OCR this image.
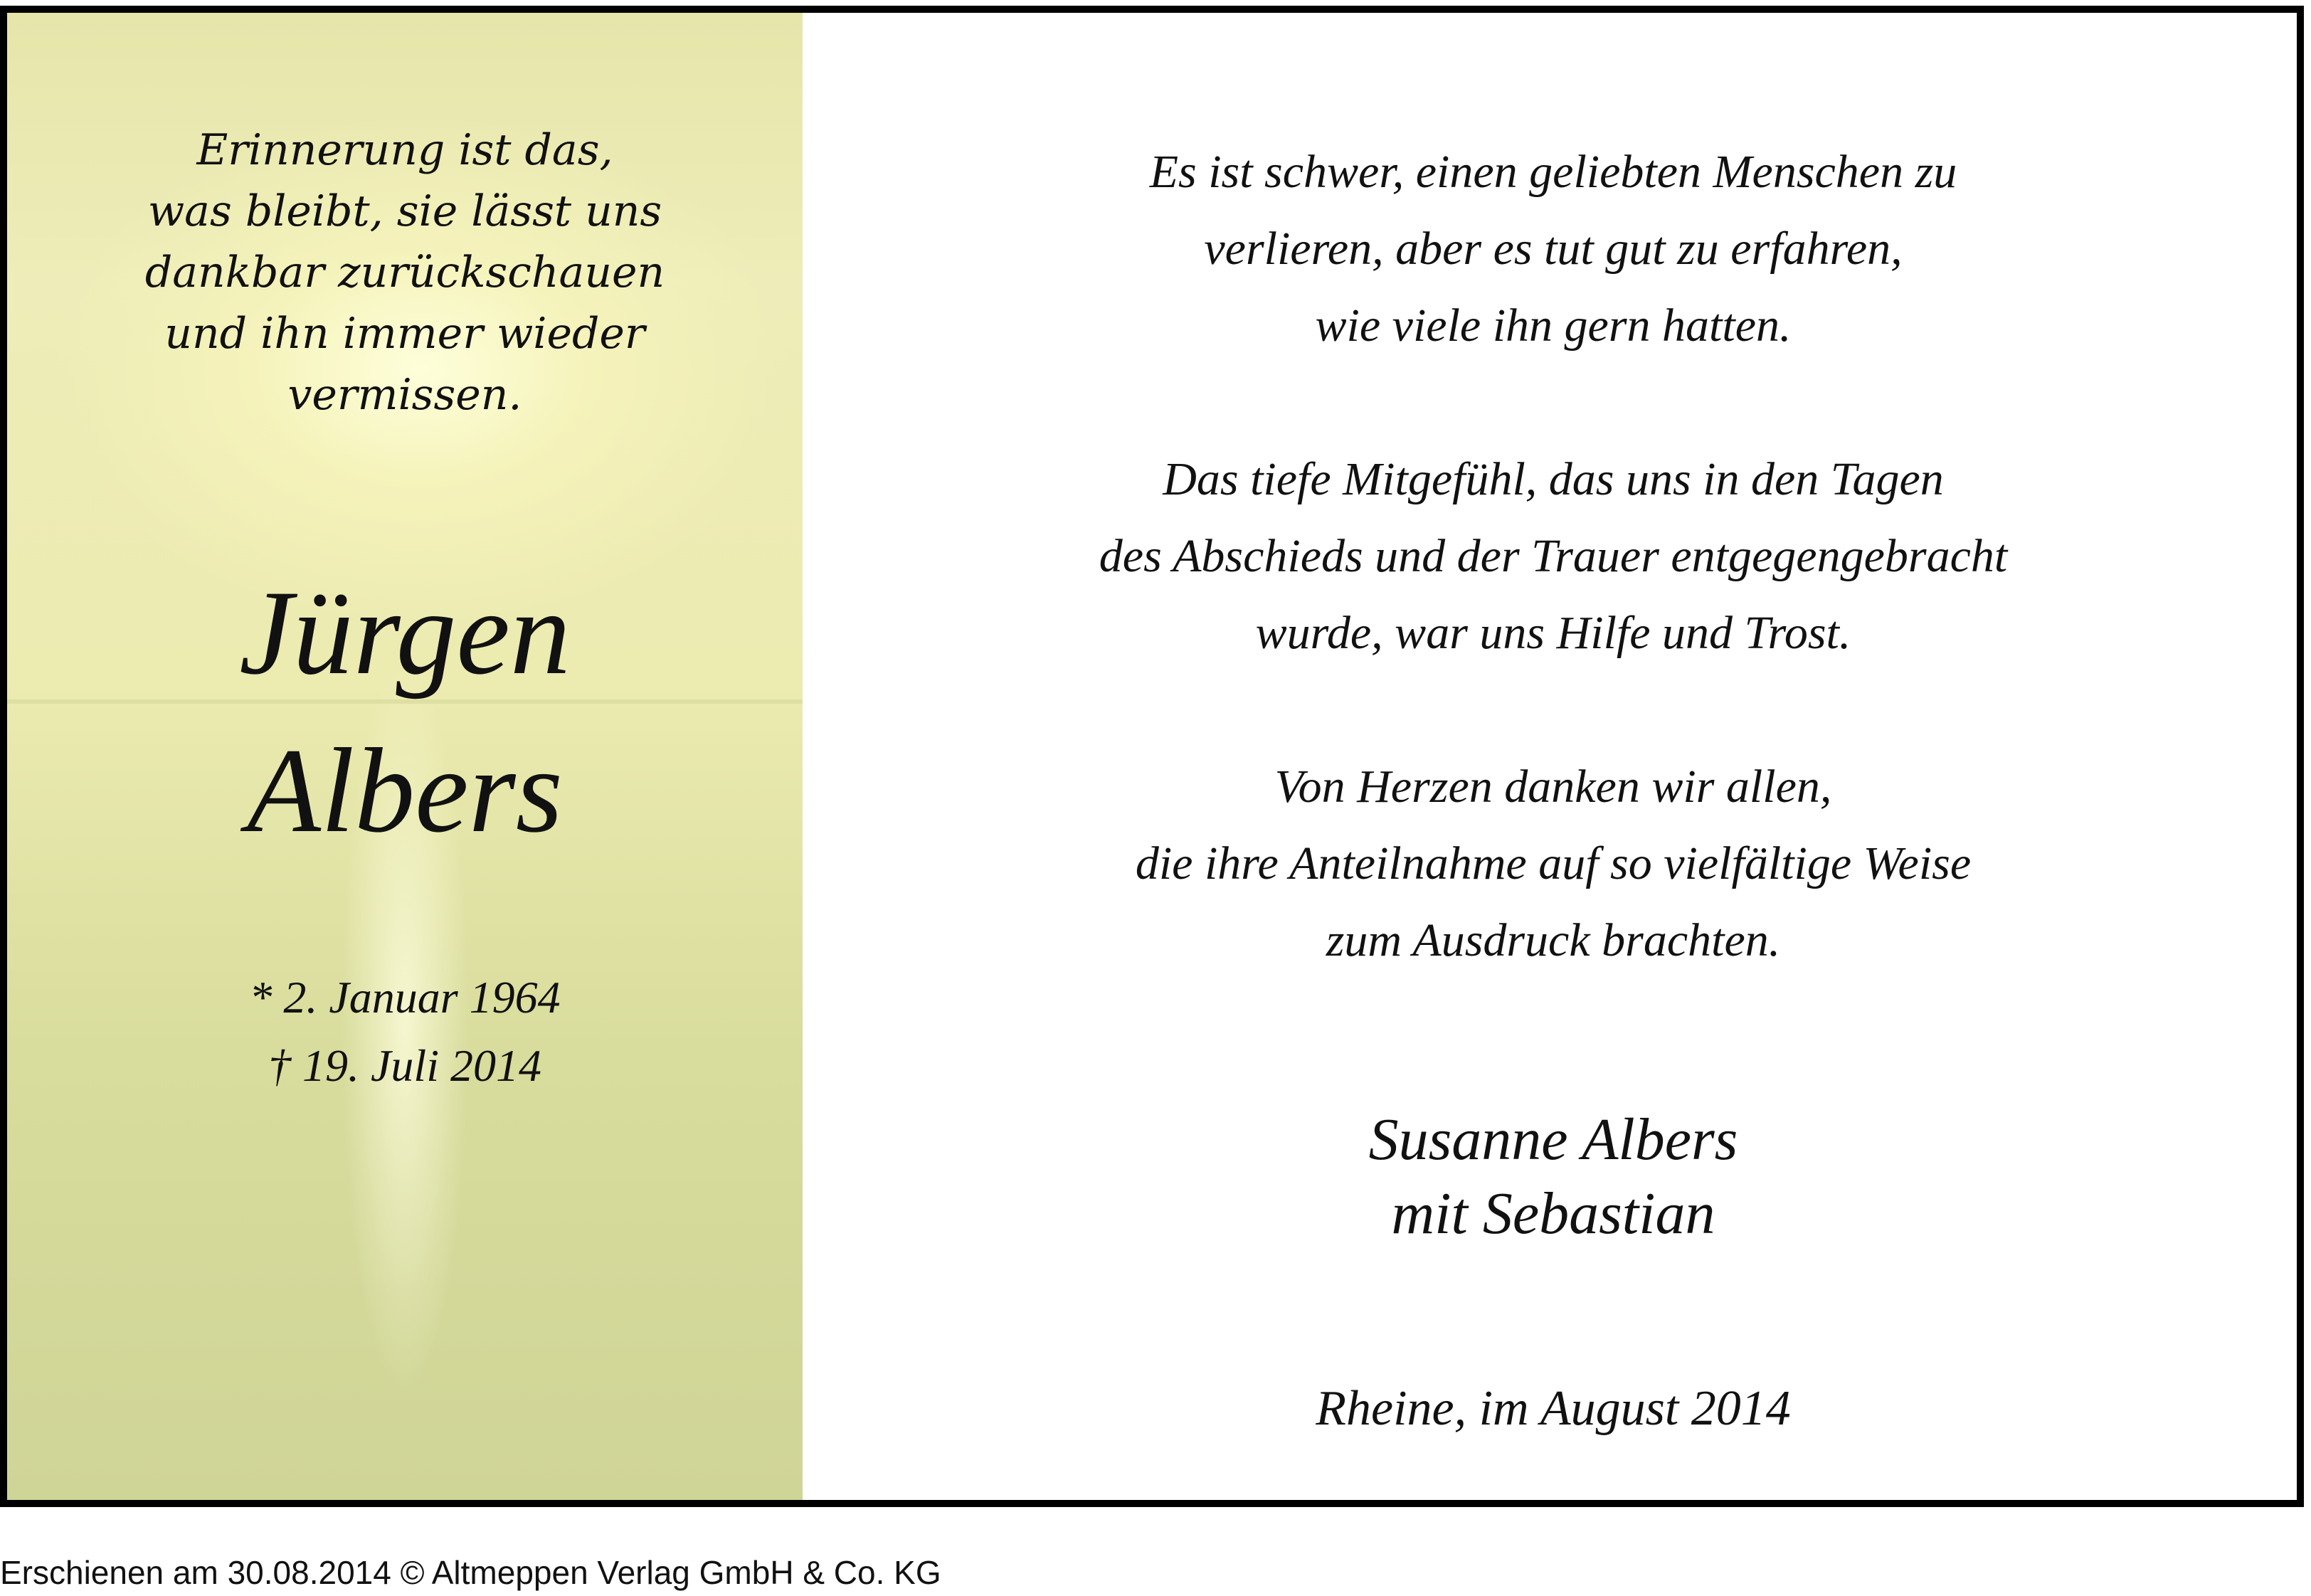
Erinnerung ist das,
was bleibt, sie lässt uns
dankbar zurückschauen
und ihn immer wieder
vermissen.

Jürgen
Albers
* 2. Januar 1964
† 19. Juli 2014
Es ist schwer, einen geliebten Menschen zu
verlieren, aber es tut gut zu erfahren,
wie viele ihn gern hatten.
Das tiefe Mitgefühl, das uns in den Tagen
des Abschieds und der Trauer entgegengebracht
wurde, war uns Hilfe und Trost.
Von Herzen danken wir allen,
die ihre Anteilnahme auf so vielfältige Weise
zum Ausdruck brachten.
Susanne Albers
mit Sebastian
Rheine, im August 2014
Erschienen am 30.08.2014 © Altmeppen Verlag GmbH & Co. KG
